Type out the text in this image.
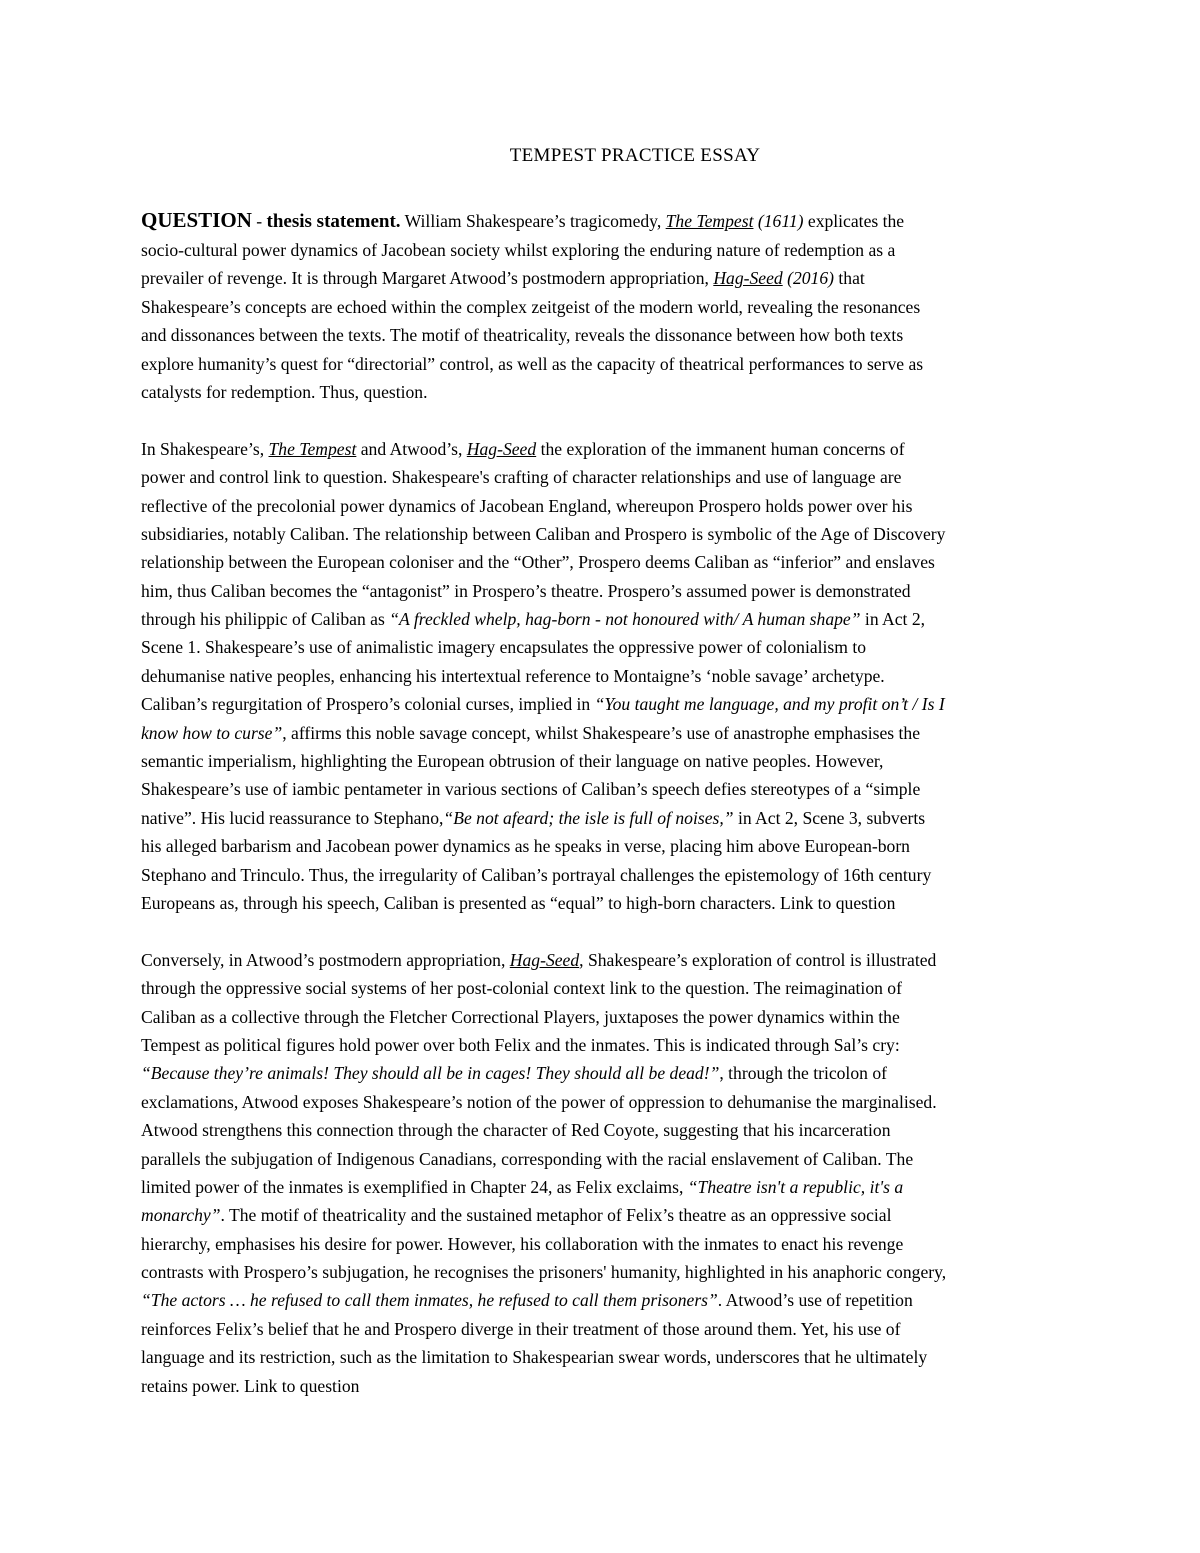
TEMPEST PRACTICE ESSAY
QUESTION - thesis statement. William Shakespeare’s tragicomedy, The Tempest (1611) explicates the
socio-cultural power dynamics of Jacobean society whilst exploring the enduring nature of redemption as a
prevailer of revenge. It is through Margaret Atwood’s postmodern appropriation, Hag-Seed (2016) that
Shakespeare’s concepts are echoed within the complex zeitgeist of the modern world, revealing the resonances
and dissonances between the texts. The motif of theatricality, reveals the dissonance between how both texts
explore humanity’s quest for “directorial” control, as well as the capacity of theatrical performances to serve as
catalysts for redemption. Thus, question.
In Shakespeare’s, The Tempest and Atwood’s, Hag-Seed the exploration of the immanent human concerns of
power and control link to question. Shakespeare's crafting of character relationships and use of language are
reflective of the precolonial power dynamics of Jacobean England, whereupon Prospero holds power over his
subsidiaries, notably Caliban. The relationship between Caliban and Prospero is symbolic of the Age of Discovery
relationship between the European coloniser and the “Other”, Prospero deems Caliban as “inferior” and enslaves
him, thus Caliban becomes the “antagonist” in Prospero’s theatre. Prospero’s assumed power is demonstrated
through his philippic of Caliban as “A freckled whelp, hag-born - not honoured with/ A human shape” in Act 2,
Scene 1. Shakespeare’s use of animalistic imagery encapsulates the oppressive power of colonialism to
dehumanise native peoples, enhancing his intertextual reference to Montaigne’s ‘noble savage’ archetype.
Caliban’s regurgitation of Prospero’s colonial curses, implied in “You taught me language, and my profit on’t / Is I
know how to curse”, affirms this noble savage concept, whilst Shakespeare’s use of anastrophe emphasises the
semantic imperialism, highlighting the European obtrusion of their language on native peoples. However,
Shakespeare’s use of iambic pentameter in various sections of Caliban’s speech defies stereotypes of a “simple
native”. His lucid reassurance to Stephano,“Be not afeard; the isle is full of noises,” in Act 2, Scene 3, subverts
his alleged barbarism and Jacobean power dynamics as he speaks in verse, placing him above European-born
Stephano and Trinculo. Thus, the irregularity of Caliban’s portrayal challenges the epistemology of 16th century
Europeans as, through his speech, Caliban is presented as “equal” to high-born characters. Link to question
Conversely, in Atwood’s postmodern appropriation, Hag-Seed, Shakespeare’s exploration of control is illustrated
through the oppressive social systems of her post-colonial context link to the question. The reimagination of
Caliban as a collective through the Fletcher Correctional Players, juxtaposes the power dynamics within the
Tempest as political figures hold power over both Felix and the inmates. This is indicated through Sal’s cry:
“Because they’re animals! They should all be in cages! They should all be dead!”, through the tricolon of
exclamations, Atwood exposes Shakespeare’s notion of the power of oppression to dehumanise the marginalised.
Atwood strengthens this connection through the character of Red Coyote, suggesting that his incarceration
parallels the subjugation of Indigenous Canadians, corresponding with the racial enslavement of Caliban. The
limited power of the inmates is exemplified in Chapter 24, as Felix exclaims, “Theatre isn't a republic, it's a
monarchy”. The motif of theatricality and the sustained metaphor of Felix’s theatre as an oppressive social
hierarchy, emphasises his desire for power. However, his collaboration with the inmates to enact his revenge
contrasts with Prospero’s subjugation, he recognises the prisoners' humanity, highlighted in his anaphoric congery,
“The actors … he refused to call them inmates, he refused to call them prisoners”. Atwood’s use of repetition
reinforces Felix’s belief that he and Prospero diverge in their treatment of those around them. Yet, his use of
language and its restriction, such as the limitation to Shakespearian swear words, underscores that he ultimately
retains power. Link to question
